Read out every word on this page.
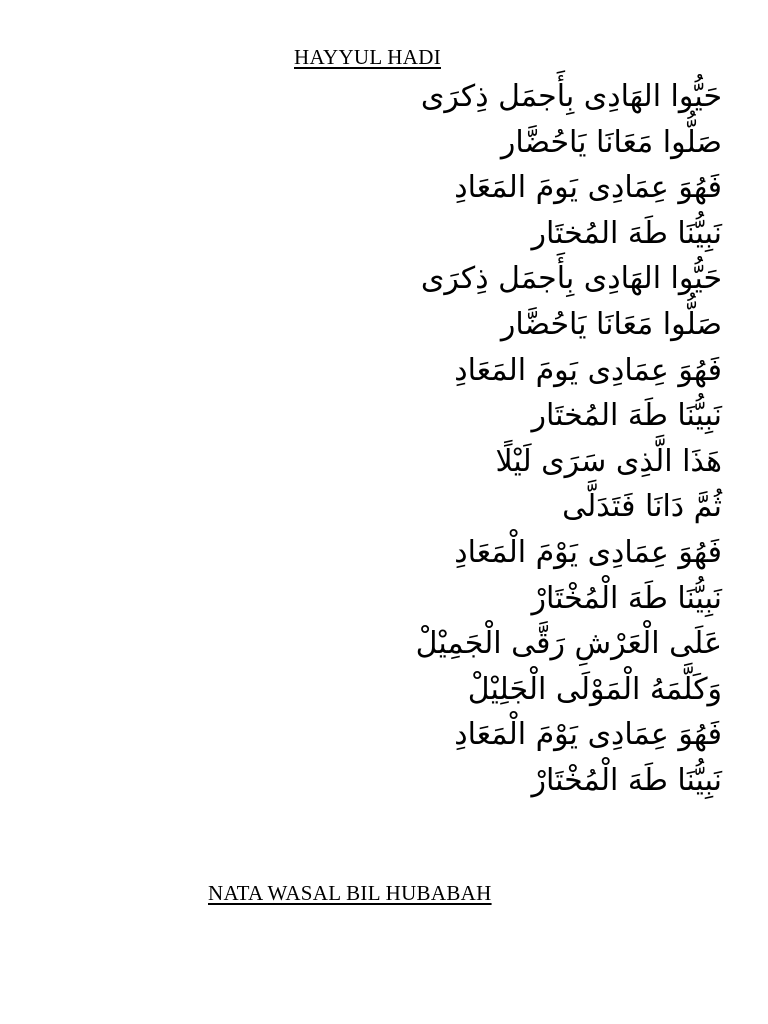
HAYYUL HADI
حَيُّوا الهَادِى بِأَجمَل ذِكرَى
صَلُّوا مَعَانَا يَاحُضَّار
فَهُوَ عِمَادِى يَومَ المَعَادِ
نَبِيُّنَا طَهَ المُختَار
حَيُّوا الهَادِى بِأَجمَل ذِكرَى
صَلُّوا مَعَانَا يَاحُضَّار
فَهُوَ عِمَادِى يَومَ المَعَادِ
نَبِيُّنَا طَهَ المُختَار
هَذَا الَّذِى سَرَى لَيْلًا
ثُمَّ دَانَا فَتَدَلَّى
فَهُوَ عِمَادِى يَوْمَ الْمَعَادِ
نَبِيُّنَا طَهَ الْمُخْتَارْ
عَلَى الْعَرْشِ رَقَّى الْجَمِيْلْ
وَكَلَّمَهُ الْمَوْلَى الْجَلِيْلْ
فَهُوَ عِمَادِى يَوْمَ الْمَعَادِ
نَبِيُّنَا طَهَ الْمُخْتَارْ
NATA WASAL BIL HUBABAH
